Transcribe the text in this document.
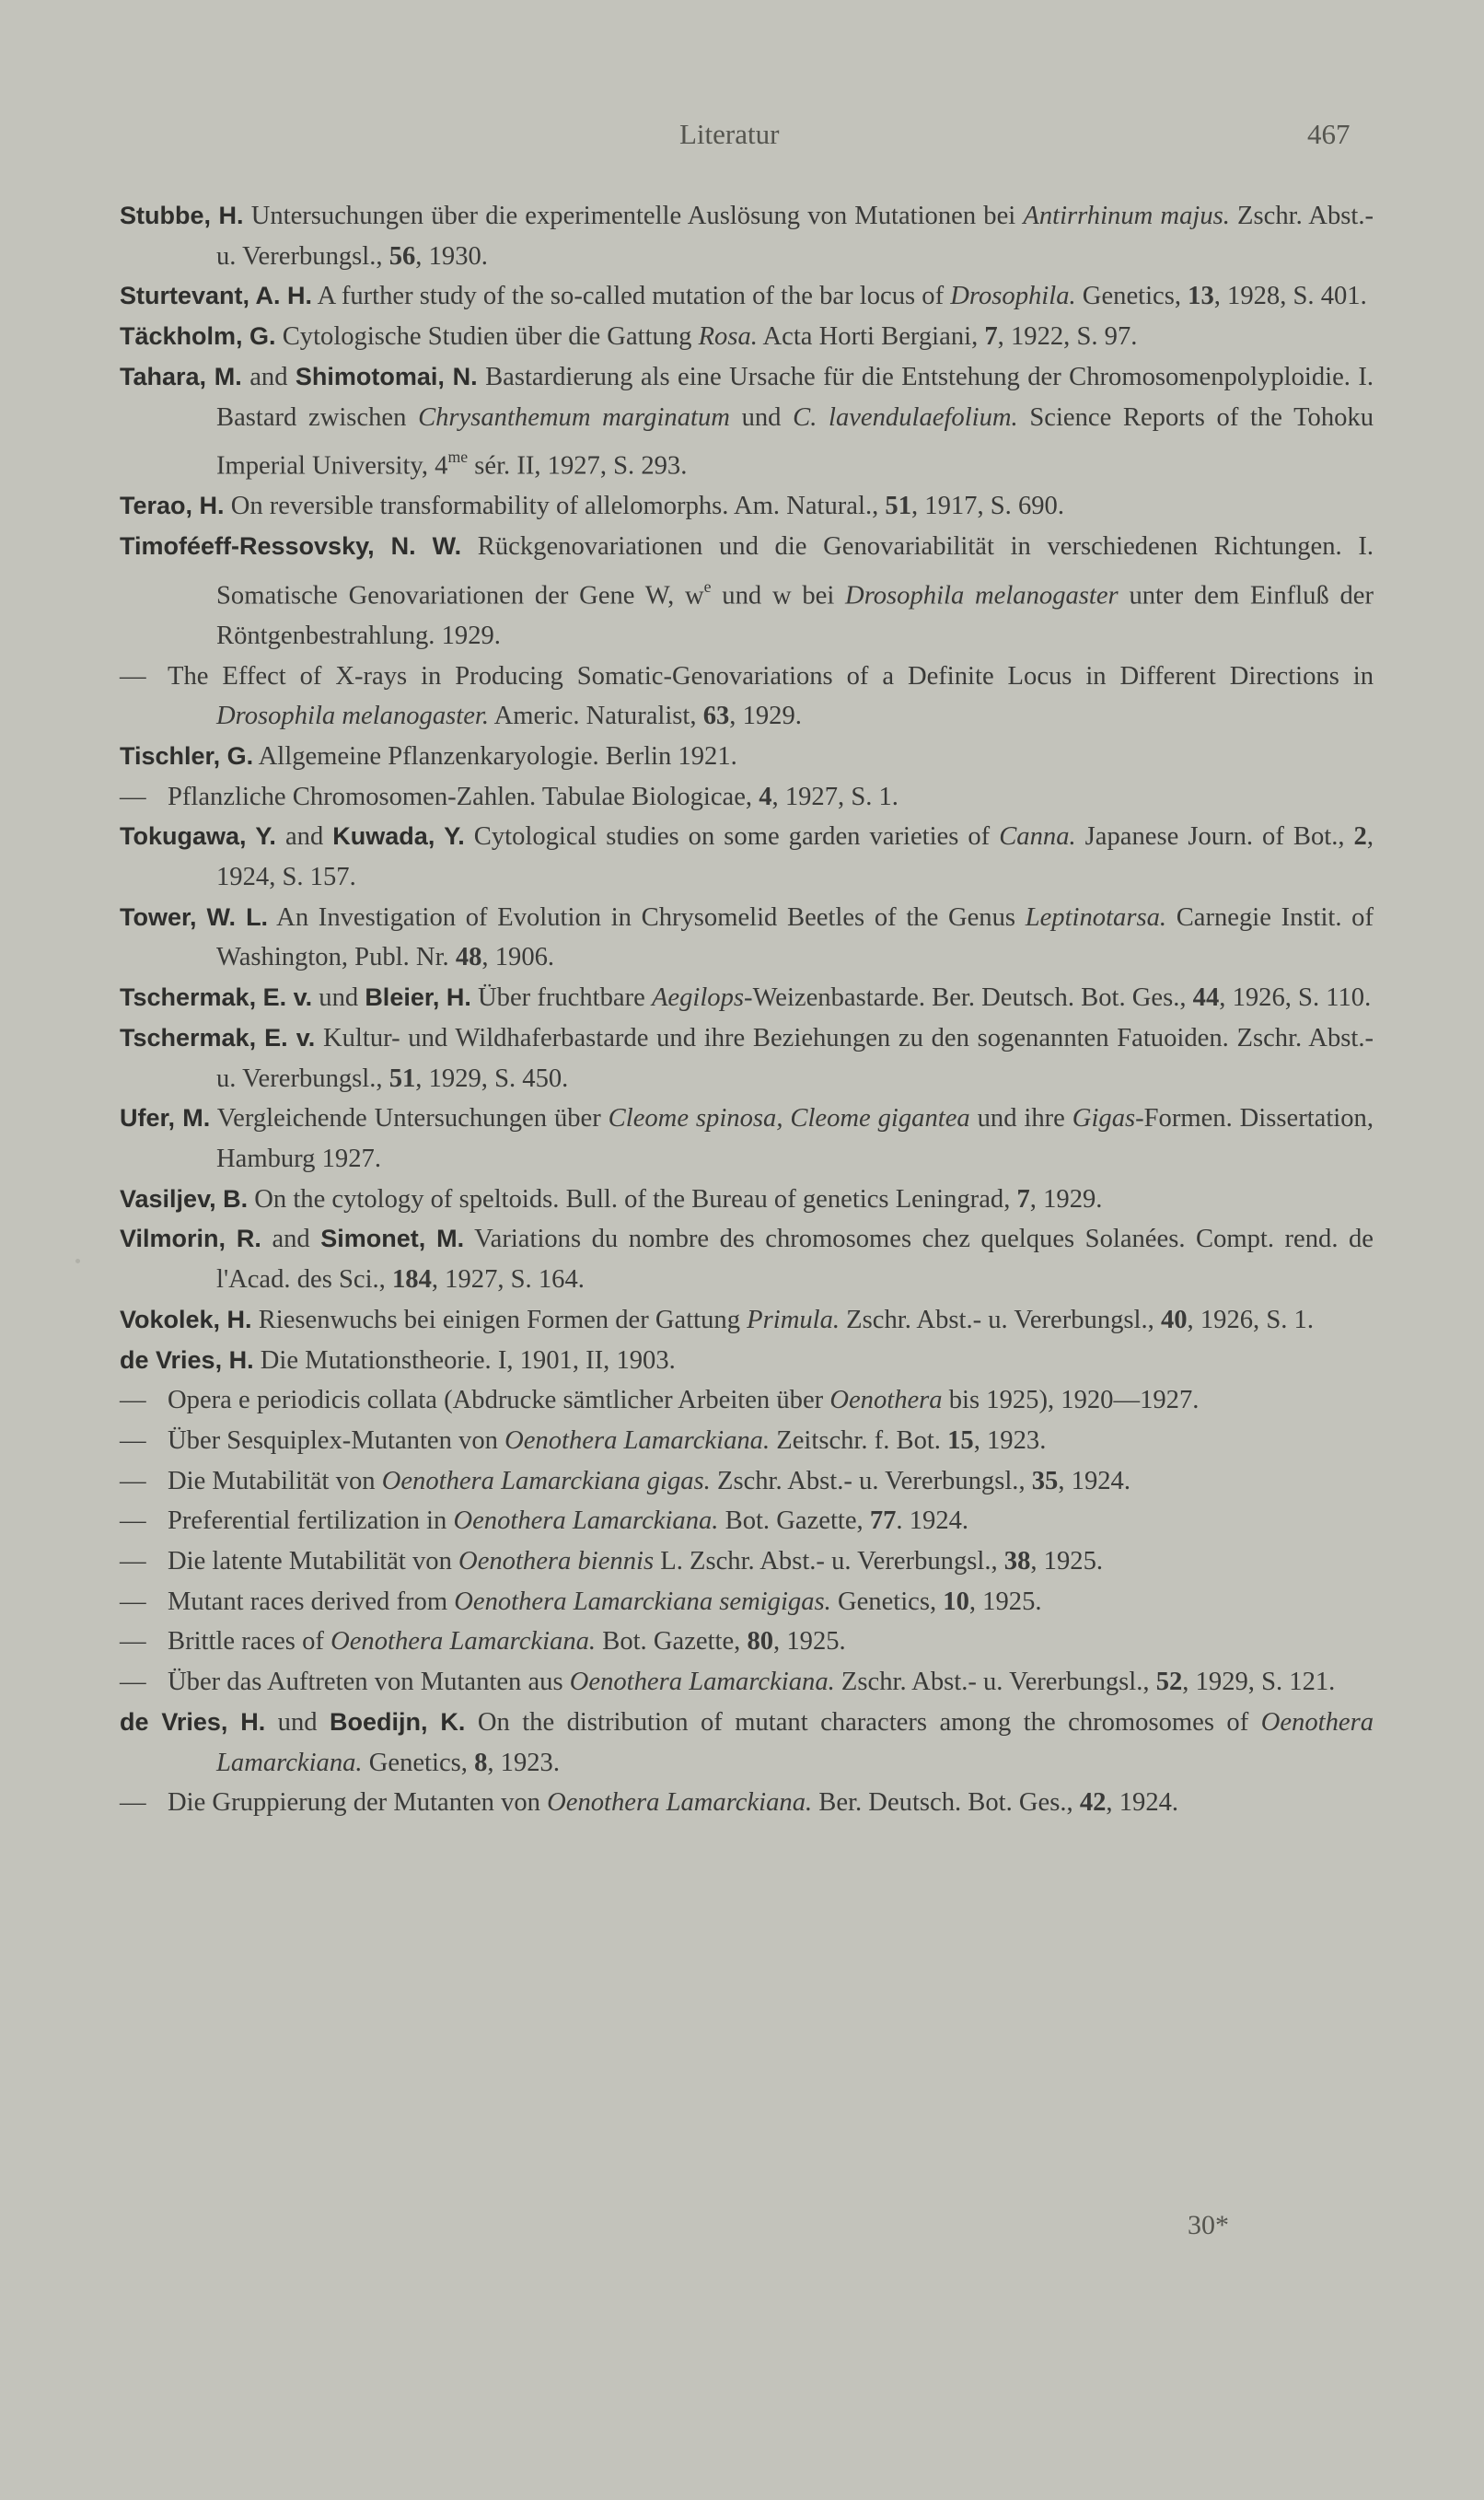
Literatur	467
Stubbe, H. Untersuchungen über die experimentelle Auslösung von Mutationen bei Antirrhinum majus. Zschr. Abst.- u. Vererbungsl., 56, 1930.
Sturtevant, A. H. A further study of the so-called mutation of the bar locus of Drosophila. Genetics, 13, 1928, S. 401.
Täckholm, G. Cytologische Studien über die Gattung Rosa. Acta Horti Bergiani, 7, 1922, S. 97.
Tahara, M. and Shimotomai, N. Bastardierung als eine Ursache für die Entstehung der Chromosomenpolyploidie. I. Bastard zwischen Chrysanthemum marginatum und C. lavendulaefolium. Science Reports of the Tohoku Imperial University, $4^{me}$ sér. II, 1927, S. 293.
Terao, H. On reversible transformability of allelomorphs. Am. Natural., 51, 1917, S. 690.
Timoféeff-Ressovsky, N. W. Rückgenovariationen und die Genovariabilität in verschiedenen Richtungen. I. Somatische Genovariationen der Gene W, $w^e$ und w bei Drosophila melanogaster unter dem Einfluß der Röntgenbestrahlung. 1929.
— The Effect of X-rays in Producing Somatic-Genovariations of a Definite Locus in Different Directions in Drosophila melanogaster. Americ. Naturalist, 63, 1929.
Tischler, G. Allgemeine Pflanzenkaryologie. Berlin 1921.
— Pflanzliche Chromosomen-Zahlen. Tabulae Biologicae, 4, 1927, S. 1.
Tokugawa, Y. and Kuwada, Y. Cytological studies on some garden varieties of Canna. Japanese Journ. of Bot., 2, 1924, S. 157.
Tower, W. L. An Investigation of Evolution in Chrysomelid Beetles of the Genus Leptinotarsa. Carnegie Instit. of Washington, Publ. Nr. 48, 1906.
Tschermak, E. v. und Bleier, H. Über fruchtbare Aegilops-Weizenbastarde. Ber. Deutsch. Bot. Ges., 44, 1926, S. 110.
Tschermak, E. v. Kultur- und Wildhaferbastarde und ihre Beziehungen zu den sogenannten Fatuoiden. Zschr. Abst.- u. Vererbungsl., 51, 1929, S. 450.
Ufer, M. Vergleichende Untersuchungen über Cleome spinosa, Cleome gigantea und ihre Gigas-Formen. Dissertation, Hamburg 1927.
Vasiljev, B. On the cytology of speltoids. Bull. of the Bureau of genetics Leningrad, 7, 1929.
Vilmorin, R. and Simonet, M. Variations du nombre des chromosomes chez quelques Solanées. Compt. rend. de l'Acad. des Sci., 184, 1927, S. 164.
Vokolek, H. Riesenwuchs bei einigen Formen der Gattung Primula. Zschr. Abst.- u. Vererbungsl., 40, 1926, S. 1.
de Vries, H. Die Mutationstheorie. I, 1901, II, 1903.
— Opera e periodicis collata (Abdrucke sämtlicher Arbeiten über Oenothera bis 1925), 1920—1927.
— Über Sesquiplex-Mutanten von Oenothera Lamarckiana. Zeitschr. f. Bot. 15, 1923.
— Die Mutabilität von Oenothera Lamarckiana gigas. Zschr. Abst.- u. Vererbungsl., 35, 1924.
— Preferential fertilization in Oenothera Lamarckiana. Bot. Gazette, 77. 1924.
— Die latente Mutabilität von Oenothera biennis L. Zschr. Abst.- u. Vererbungsl., 38, 1925.
— Mutant races derived from Oenothera Lamarckiana semigigas. Genetics, 10, 1925.
— Brittle races of Oenothera Lamarckiana. Bot. Gazette, 80, 1925.
— Über das Auftreten von Mutanten aus Oenothera Lamarckiana. Zschr. Abst.- u. Vererbungsl., 52, 1929, S. 121.
de Vries, H. und Boedijn, K. On the distribution of mutant characters among the chromosomes of Oenothera Lamarckiana. Genetics, 8, 1923.
— Die Gruppierung der Mutanten von Oenothera Lamarckiana. Ber. Deutsch. Bot. Ges., 42, 1924.
30*
